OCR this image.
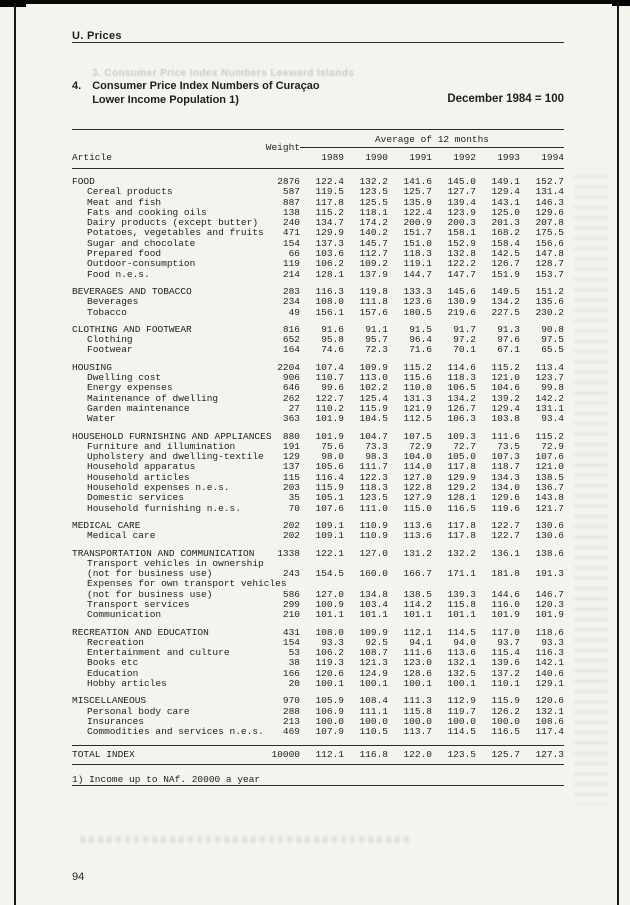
3. Consumer Price Index Numbers Leeward Islands
U. Prices
4. Consumer Price Index Numbers of Curaçao
Lower Income Population 1)	December 1984 = 100
Weight
Average of 12 months
Article	1989	1990	1991	1992	1993	1994
FOOD	2876	122.4	132.2	141.6	145.0	149.1	152.7
Cereal products	587	119.5	123.5	125.7	127.7	129.4	131.4
Meat and fish	887	117.8	125.5	135.9	139.4	143.1	146.3
Fats and cooking oils	138	115.2	118.1	122.4	123.9	125.0	129.6
Dairy products (except butter)	240	134.7	174.2	200.9	200.3	201.3	207.8
Potatoes, vegetables and fruits	471	129.9	140.2	151.7	158.1	168.2	175.5
Sugar and chocolate	154	137.3	145.7	151.0	152.9	158.4	156.6
Prepared food	66	103.6	112.7	118.3	132.8	142.5	147.8
Outdoor-consumption	119	106.2	109.2	119.1	122.2	126.7	128.7
Food n.e.s.	214	128.1	137.9	144.7	147.7	151.9	153.7
BEVERAGES AND TOBACCO	283	116.3	119.8	133.3	145.6	149.5	151.2
Beverages	234	108.0	111.8	123.6	130.9	134.2	135.6
Tobacco	49	156.1	157.6	180.5	219.6	227.5	230.2
CLOTHING AND FOOTWEAR	816	91.6	91.1	91.5	91.7	91.3	90.8
Clothing	652	95.8	95.7	96.4	97.2	97.6	97.5
Footwear	164	74.6	72.3	71.6	70.1	67.1	65.5
HOUSING	2204	107.4	109.9	115.2	114.6	115.2	113.4
Dwelling cost	906	110.7	113.0	115.6	118.3	121.0	123.7
Energy expenses	646	99.6	102.2	110.0	106.5	104.6	99.8
Maintenance of dwelling	262	122.7	125.4	131.3	134.2	139.2	142.2
Garden maintenance	27	110.2	115.9	121.9	126.7	129.4	131.1
Water	363	101.9	104.5	112.5	106.3	103.8	93.4
HOUSEHOLD FURNISHING AND APPLIANCES	880	101.9	104.7	107.5	109.3	111.6	115.2
Furniture and illumination	191	75.6	73.3	72.9	72.7	73.5	72.9
Upholstery and dwelling-textile	129	98.0	98.3	104.0	105.0	107.3	107.6
Household apparatus	137	105.6	111.7	114.0	117.8	118.7	121.0
Household articles	115	116.4	122.3	127.0	129.9	134.3	138.5
Household expenses n.e.s.	203	115.9	118.3	122.8	129.2	134.0	136.7
Domestic services	35	105.1	123.5	127.9	128.1	129.6	143.8
Household furnishing n.e.s.	70	107.6	111.0	115.0	116.5	119.6	121.7
MEDICAL CARE	202	109.1	110.9	113.6	117.8	122.7	130.6
Medical care	202	109.1	110.9	113.6	117.8	122.7	130.6
TRANSPORTATION AND COMMUNICATION	1338	122.1	127.0	131.2	132.2	136.1	138.6
Transport vehicles in ownership
(not for business use)	243	154.5	160.0	166.7	171.1	181.8	191.3
Expenses for own transport vehicles
(not for business use)	586	127.0	134.8	138.5	139.3	144.6	146.7
Transport services	299	100.9	103.4	114.2	115.8	116.0	120.3
Communication	210	101.1	101.1	101.1	101.1	101.9	101.9
RECREATION AND EDUCATION	431	108.0	109.9	112.1	114.5	117.0	118.6
Recreation	154	93.3	92.5	94.1	94.0	93.7	93.3
Entertainment and culture	53	106.2	108.7	111.6	113.6	115.4	116.3
Books etc	38	119.3	121.3	123.0	132.1	139.6	142.1
Education	166	120.6	124.9	128.6	132.5	137.2	140.6
Hobby articles	20	100.1	100.1	100.1	100.1	110.1	129.1
MISCELLANEOUS	970	105.9	108.4	111.3	112.9	115.9	120.6
Personal body care	288	106.9	111.1	115.8	119.7	126.2	132.1
Insurances	213	100.0	100.0	100.0	100.0	100.0	108.6
Commodities and services n.e.s.	469	107.9	110.5	113.7	114.5	116.5	117.4
TOTAL INDEX	10000	112.1	116.8	122.0	123.5	125.7	127.3
1) Income up to NAf. 20000 a year
94
